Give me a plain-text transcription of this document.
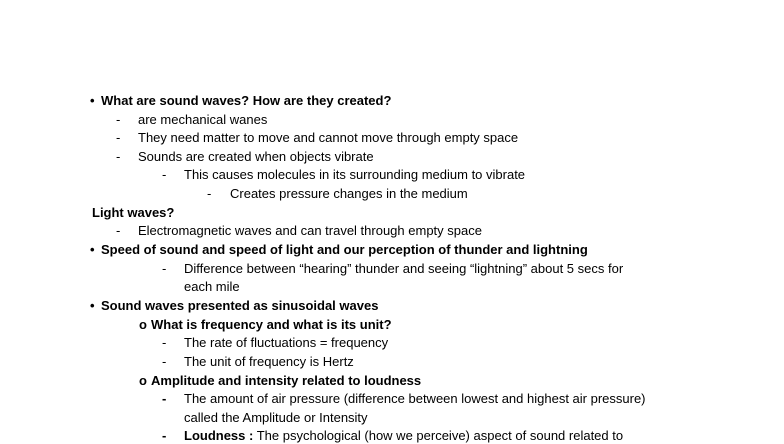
• What are sound waves? How are they created?
- are mechanical wanes
- They need matter to move and cannot move through empty space
- Sounds are created when objects vibrate
- This causes molecules in its surrounding medium to vibrate
- Creates pressure changes in the medium
Light waves?
- Electromagnetic waves and can travel through empty space
• Speed of sound and speed of light and our perception of thunder and lightning
- Difference between “hearing” thunder and seeing “lightning” about 5 secs for
each mile
• Sound waves presented as sinusoidal waves
o What is frequency and what is its unit?
- The rate of fluctuations = frequency
- The unit of frequency is Hertz
o Amplitude and intensity related to loudness
- The amount of air pressure (difference between lowest and highest air pressure)
called the Amplitude or Intensity
- Loudness : The psychological (how we perceive) aspect of sound related to
